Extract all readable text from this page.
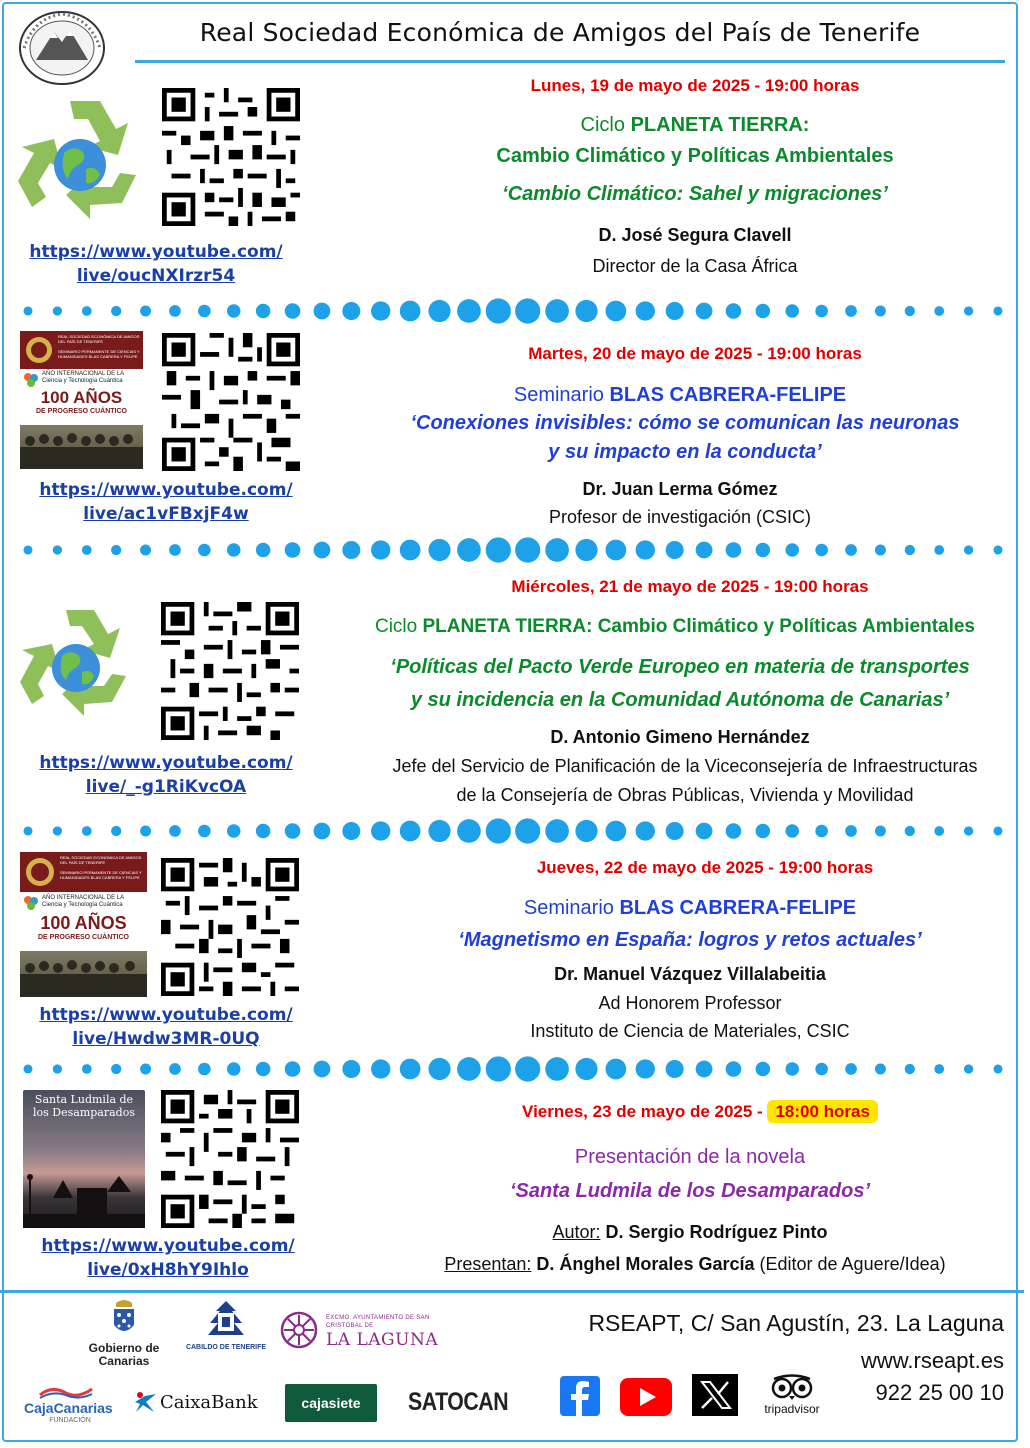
Real Sociedad Económica de Amigos del País de Tenerife
https://www.youtube.com/
live/oucNXIrzr54
Lunes, 19 de mayo de 2025 - 19:00 horas
Ciclo PLANETA TIERRA:
Cambio Climático y Políticas Ambientales
‘Cambio Climático: Sahel y migraciones’
D. José Segura Clavell
Director de la Casa África
REAL SOCIEDAD ECONÓMICA DE AMIGOS DEL PAÍS DE TENERIFE
SEMINARIO PERMANENTE DE CIENCIAS Y HUMANIDADES BLAS CABRERA Y FELIPE
AÑO INTERNACIONAL DE LA Ciencia y Tecnología Cuántica
100 AÑOS
DE PROGRESO CUÁNTICO
https://www.youtube.com/
live/ac1vFBxjF4w
Martes, 20 de mayo de 2025 - 19:00 horas
Seminario BLAS CABRERA-FELIPE
‘Conexiones invisibles: cómo se comunican las neuronas
y su impacto en la conducta’
Dr. Juan Lerma Gómez
Profesor de investigación (CSIC)
https://www.youtube.com/
live/_-g1RiKvcOA
Miércoles, 21 de mayo de 2025 - 19:00 horas
Ciclo PLANETA TIERRA: Cambio Climático y Políticas Ambientales
‘Políticas del Pacto Verde Europeo en materia de transportes
y su incidencia en la Comunidad Autónoma de Canarias’
D. Antonio Gimeno Hernández
Jefe del Servicio de Planificación de la Viceconsejería de Infraestructuras
de la Consejería de Obras Públicas, Vivienda y Movilidad
REAL SOCIEDAD ECONÓMICA DE AMIGOS DEL PAÍS DE TENERIFE
SEMINARIO PERMANENTE DE CIENCIAS Y HUMANIDADES BLAS CABRERA Y FELIPE
AÑO INTERNACIONAL DE LA Ciencia y Tecnología Cuántica
100 AÑOS
DE PROGRESO CUÁNTICO
https://www.youtube.com/
live/Hwdw3MR-0UQ
Jueves, 22 de mayo de 2025 - 19:00 horas
Seminario BLAS CABRERA-FELIPE
‘Magnetismo en España: logros y retos actuales’
Dr. Manuel Vázquez Villalabeitia
Ad Honorem Professor
Instituto de Ciencia de Materiales, CSIC
Santa Ludmila de los Desamparados
https://www.youtube.com/
live/0xH8hY9Ihlo
Viernes, 23 de mayo de 2025 - 18:00 horas
Presentación de la novela
‘Santa Ludmila de los Desamparados’
Autor: D. Sergio Rodríguez Pinto
Presentan: D. Ánghel Morales García (Editor de Aguere/Idea)
Gobierno de Canarias
CABILDO DE TENERIFE
EXCMO. AYUNTAMIENTO DE SAN CRISTÓBAL DE
LA LAGUNA
RSEAPT, C/ San Agustín, 23. La Laguna
www.rseapt.es
CajaCanarias
FUNDACIÓN
CaixaBank	cajasiete	SATOCAN	tripadvisor
922 25 00 10
